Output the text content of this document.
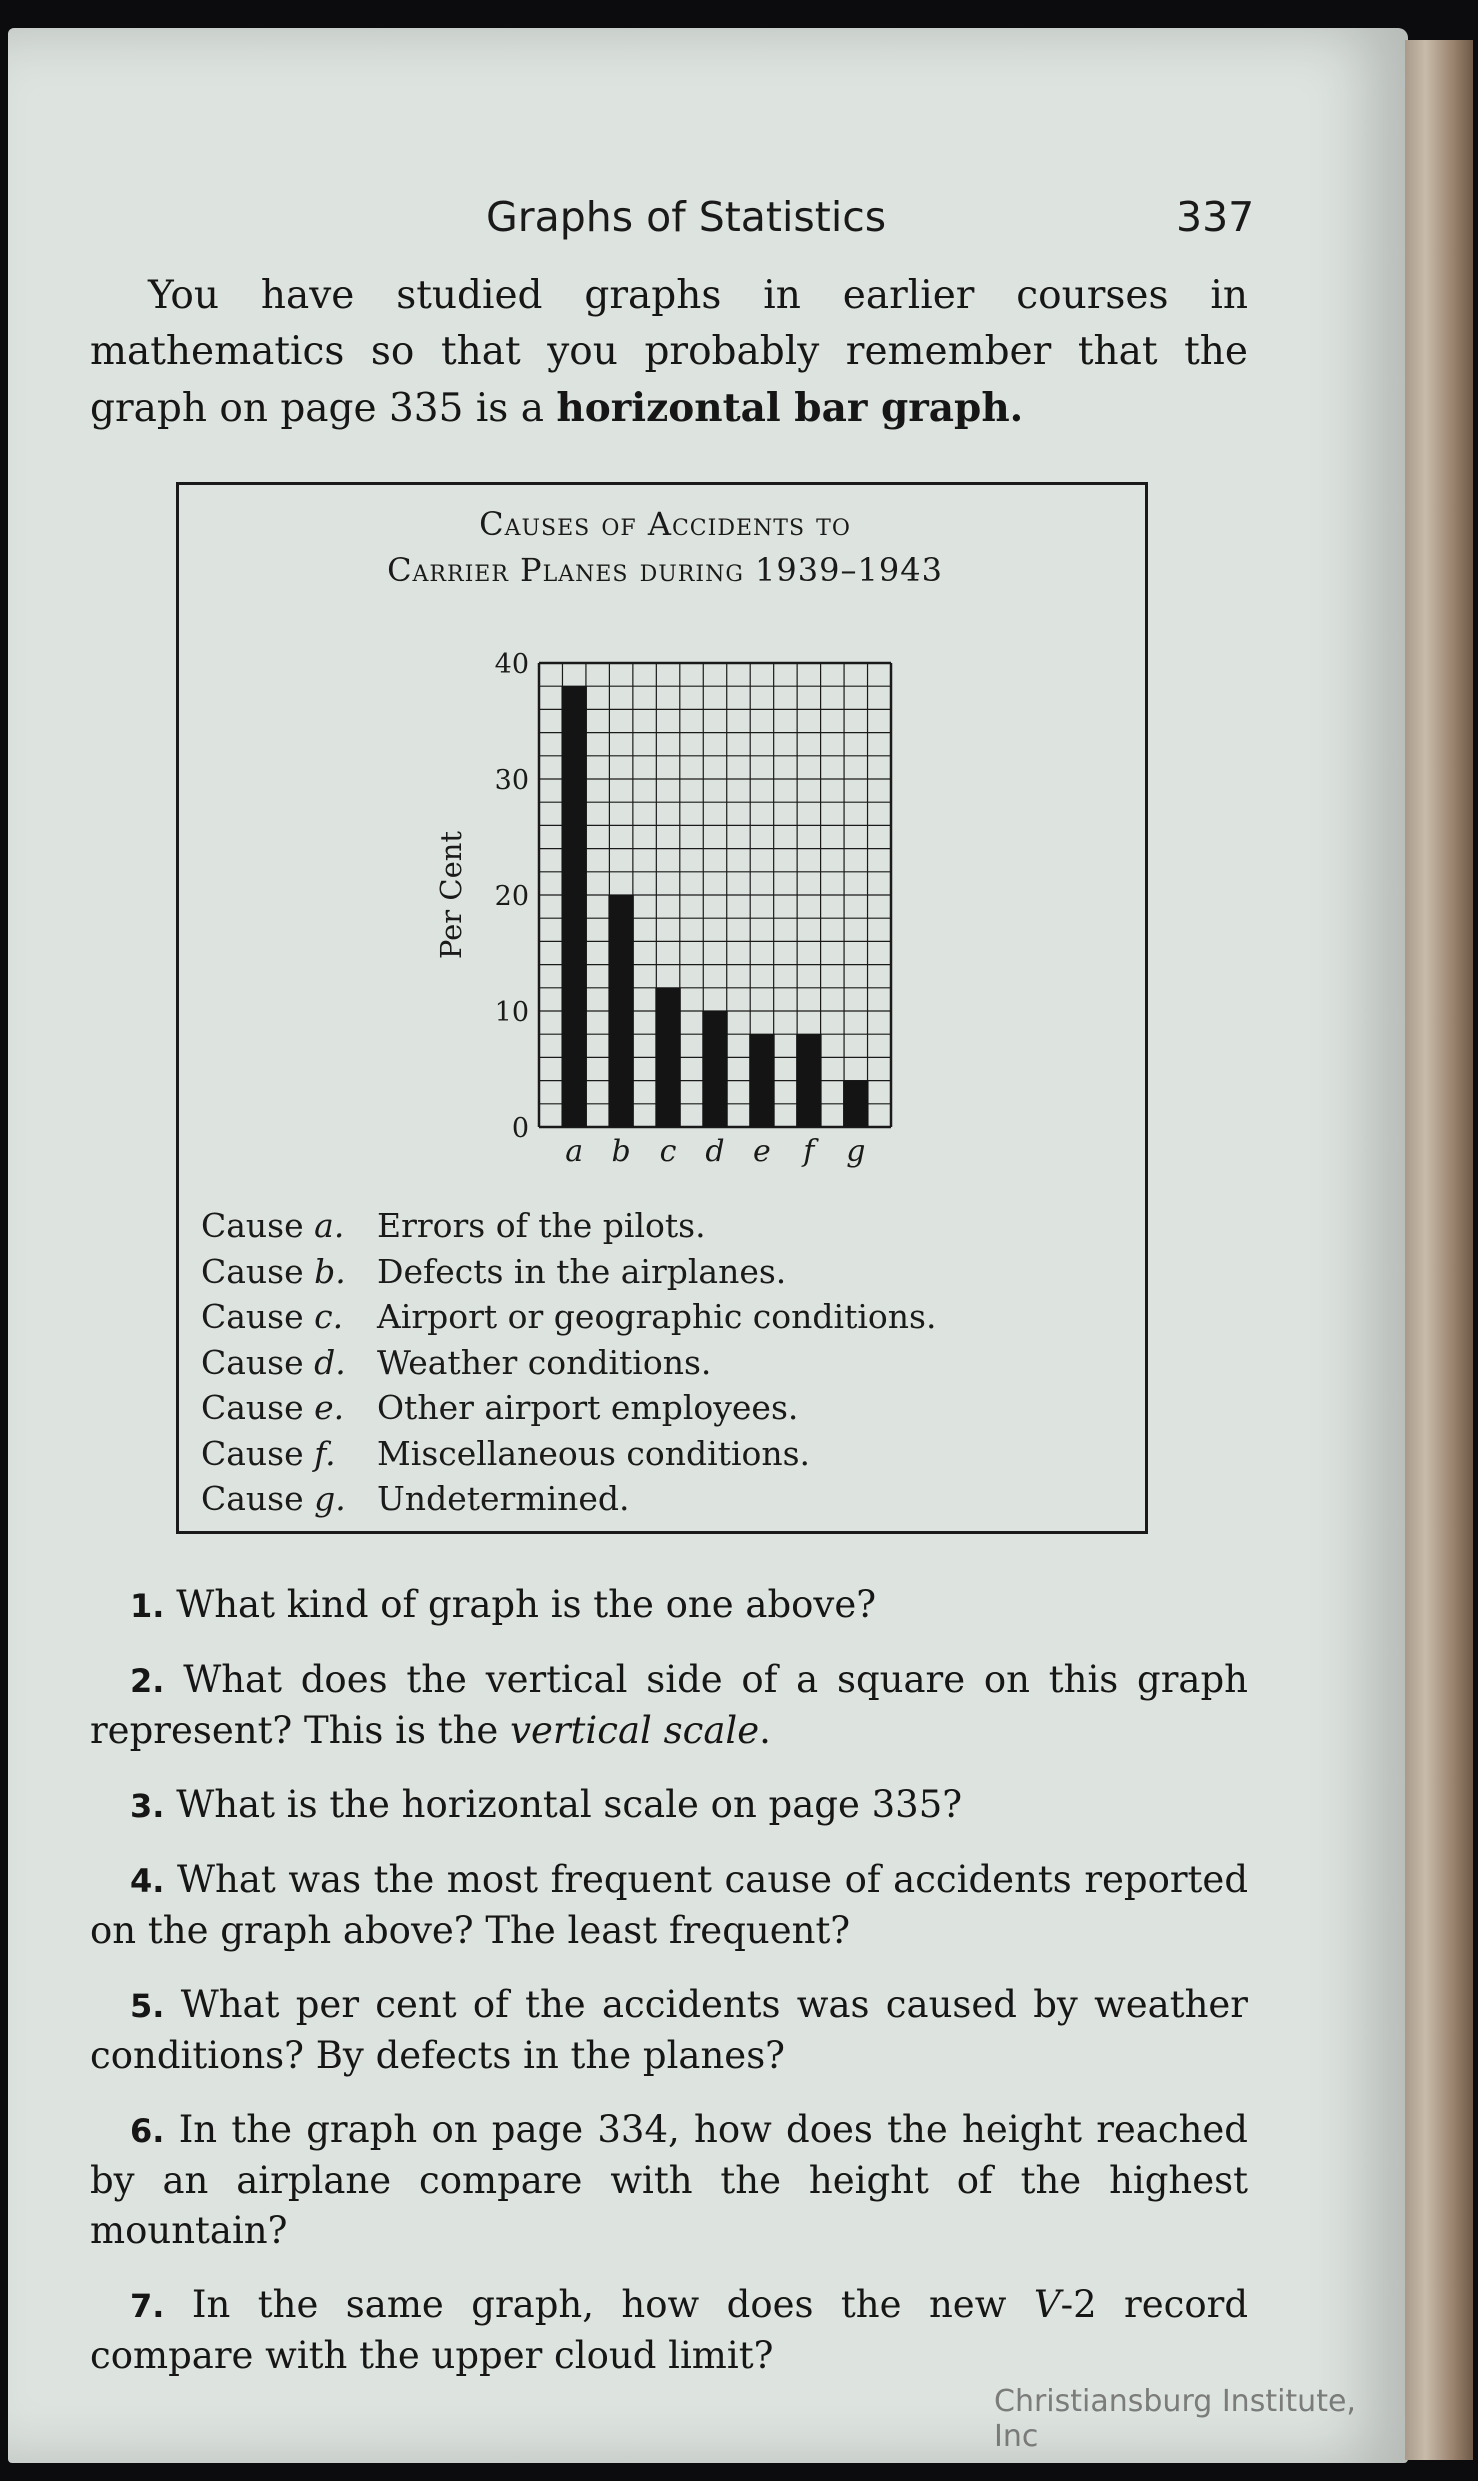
Graphs of Statistics	337

You have studied graphs in earlier courses in mathematics so that you probably remember that the graph on page 335 is a horizontal bar graph.

Causes of Accidents to
Carrier Planes during 1939–1943
a b c d e f g
0
10
20
30
40
Per Cent
Cause a. Errors of the pilots.
Cause b. Defects in the airplanes.
Cause c.	Airport or geographic conditions.
Cause d. Weather conditions.
Cause e. Other airport employees.
Cause f.	Miscellaneous conditions.
Cause g. Undetermined.

1. What kind of graph is the one above?

2. What does the vertical side of a square on this graph represent? This is the vertical scale.

3. What is the horizontal scale on page 335?

4. What was the most frequent cause of accidents reported on the graph above? The least frequent?

5. What per cent of the accidents was caused by weather conditions? By defects in the planes?

6. In the graph on page 334, how does the height reached by an airplane compare with the height of the highest mountain?

7. In the same graph, how does the new V-2 record compare with the upper cloud limit?

Christiansburg Institute, Inc
